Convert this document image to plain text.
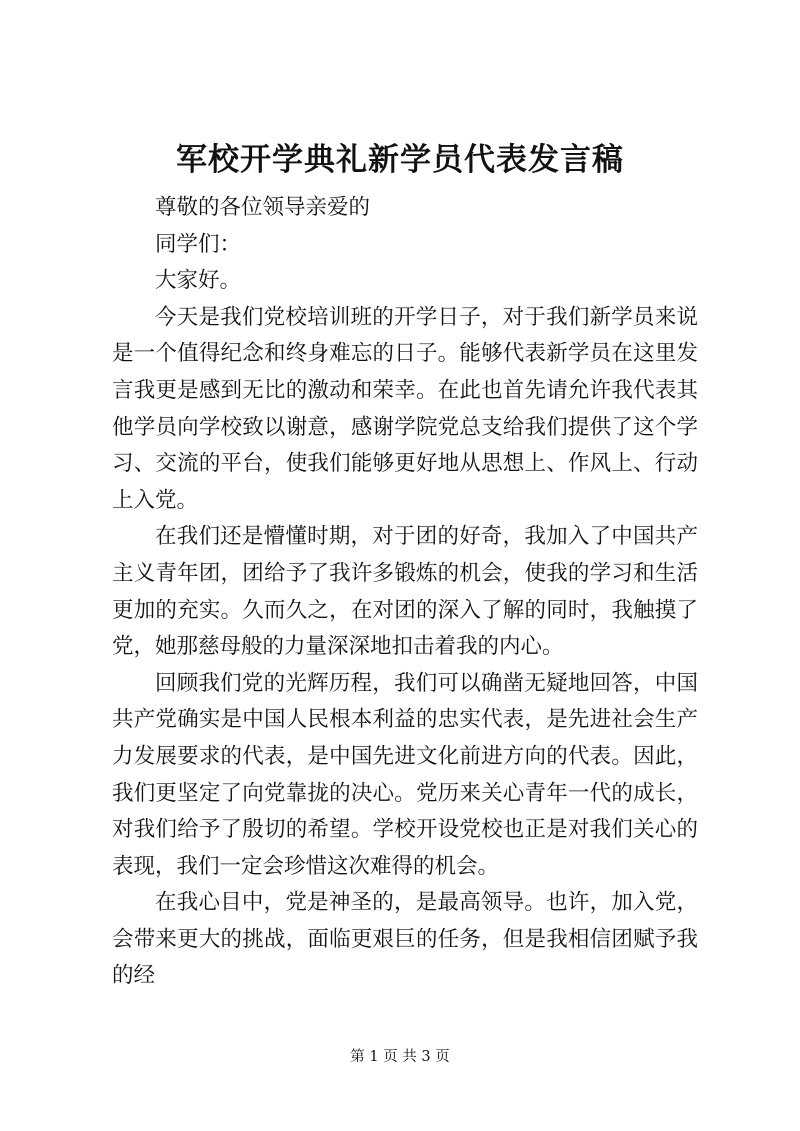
军校开学典礼新学员代表发言稿

尊敬的各位领导亲爱的

同学们：

大家好。

今天是我们党校培训班的开学日子，对于我们新学员来说是一个值得纪念和终身难忘的日子。能够代表新学员在这里发言我更是感到无比的激动和荣幸。在此也首先请允许我代表其他学员向学校致以谢意，感谢学院党总支给我们提供了这个学习、交流的平台，使我们能够更好地从思想上、作风上、行动上入党。

在我们还是懵懂时期，对于团的好奇，我加入了中国共产主义青年团，团给予了我许多锻炼的机会，使我的学习和生活更加的充实。久而久之，在对团的深入了解的同时，我触摸了党，她那慈母般的力量深深地扣击着我的内心。

回顾我们党的光辉历程，我们可以确凿无疑地回答，中国共产党确实是中国人民根本利益的忠实代表，是先进社会生产力发展要求的代表，是中国先进文化前进方向的代表。因此，我们更坚定了向党靠拢的决心。党历来关心青年一代的成长，对我们给予了殷切的希望。学校开设党校也正是对我们关心的表现，我们一定会珍惜这次难得的机会。

在我心目中，党是神圣的，是最高领导。也许，加入党，会带来更大的挑战，面临更艰巨的任务，但是我相信团赋予我的经

第 1 页 共 3 页
